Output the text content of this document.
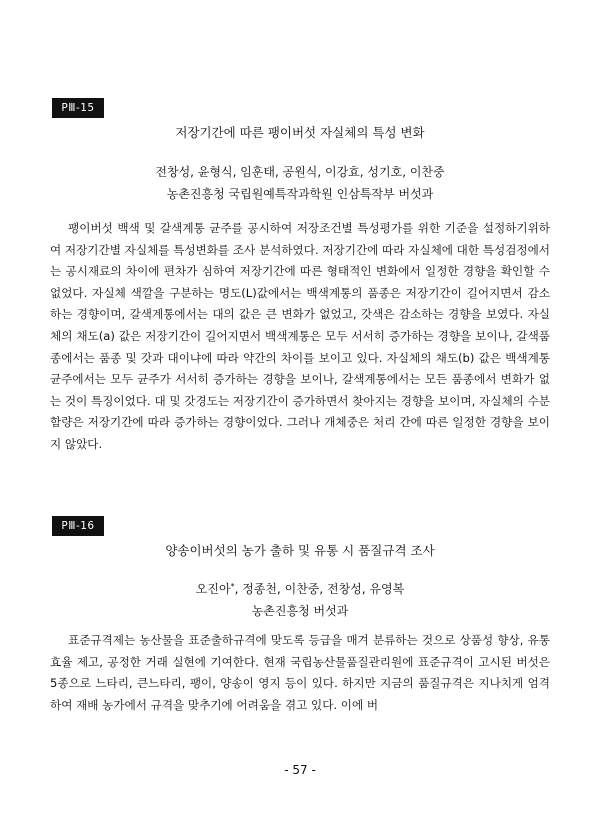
PⅢ-15
저장기간에 따른 팽이버섯 자실체의 특성 변화
전창성, 윤형식, 임훈태, 공원식, 이강효, 성기호, 이찬중
농촌진흥청 국립원예특작과학원 인삼특작부 버섯과
팽이버섯 백색 및 갈색계통 균주를 공시하여 저장조건별 특성평가를 위한 기준을 설정하기위하여 저장기간별 자실체를 특성변화를 조사 분석하였다. 저장기간에 따라 자실체에 대한 특성검정에서는 공시재료의 차이에 편차가 심하여 저장기간에 따른 형태적인 변화에서 일정한 경향을 확인할 수 없었다. 자실체 색깔을 구분하는 명도(L)값에서는 백색계통의 품종은 저장기간이 길어지면서 감소하는 경향이며, 갈색계통에서는 대의 값은 큰 변화가 없었고, 갓색은 감소하는 경향을 보였다. 자실체의 채도(a) 값은 저장기간이 길어지면서 백색계통은 모두 서서히 증가하는 경향을 보이나, 갈색품종에서는 품종 및 갓과 대이냐에 따라 약간의 차이를 보이고 있다. 자실체의 채도(b) 값은 백색계통 균주에서는 모두 균주가 서서히 증가하는 경향을 보이나, 갈색계통에서는 모든 품종에서 변화가 없는 것이 특징이었다. 대 및 갓경도는 저장기간이 증가하면서 찾아지는 경향을 보이며, 자실체의 수분함량은 저장기간에 따라 증가하는 경향이었다. 그러나 개체중은 처리 간에 따른 일정한 경향을 보이지 않았다.
PⅢ-16
양송이버섯의 농가 출하 및 유통 시 품질규격 조사
오진아*, 정종천, 이찬중, 전창성, 유영복
농촌진흥청 버섯과
표준규격제는 농산물을 표준출하규격에 맞도록 등급을 매겨 분류하는 것으로 상품성 향상, 유통효율 제고, 공정한 거래 실현에 기여한다. 현재 국립농산물품질관리원에 표준규격이 고시된 버섯은 5종으로 느타리, 큰느타리, 팽이, 양송이 영지 등이 있다. 하지만 지금의 품질규격은 지나치게 엄격하여 재배 농가에서 규격을 맞추기에 어려움을 겪고 있다. 이에 버
- 57 -
